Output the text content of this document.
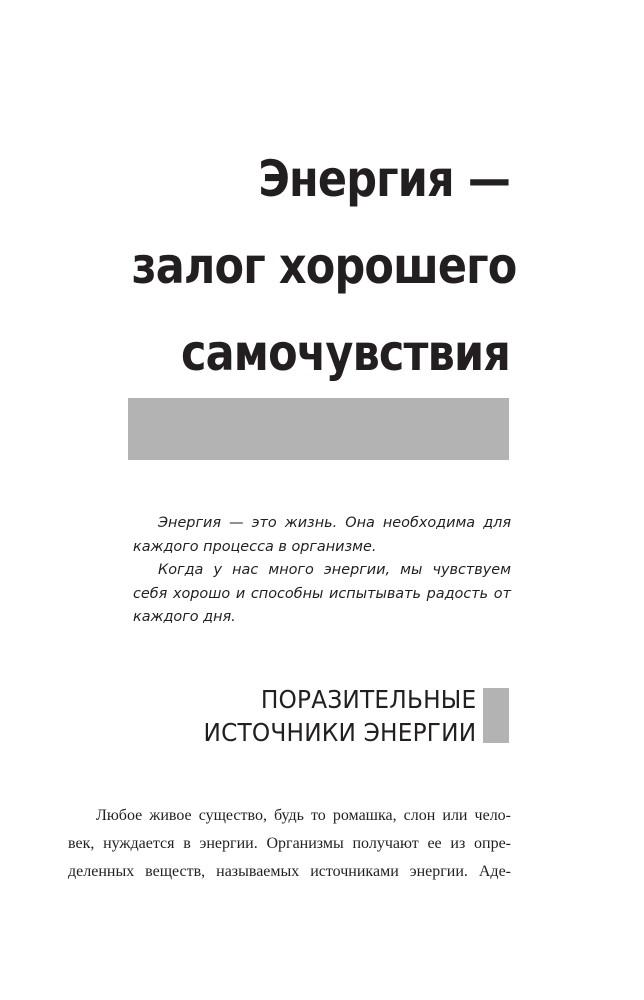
Энергия —
залог хорошего
самочувствия

Энергия — это жизнь. Она необходима для каждого процесса в организме.

Когда у нас много энергии, мы чувствуем себя хорошо и способны испытывать радость от каждого дня.

ПОРАЗИТЕЛЬНЫЕ
ИСТОЧНИКИ ЭНЕРГИИ

Любое живое существо, будь то ромашка, слон или чело-
век, нуждается в энергии. Организмы получают ее из опре-
деленных веществ, называемых источниками энергии. Аде-
